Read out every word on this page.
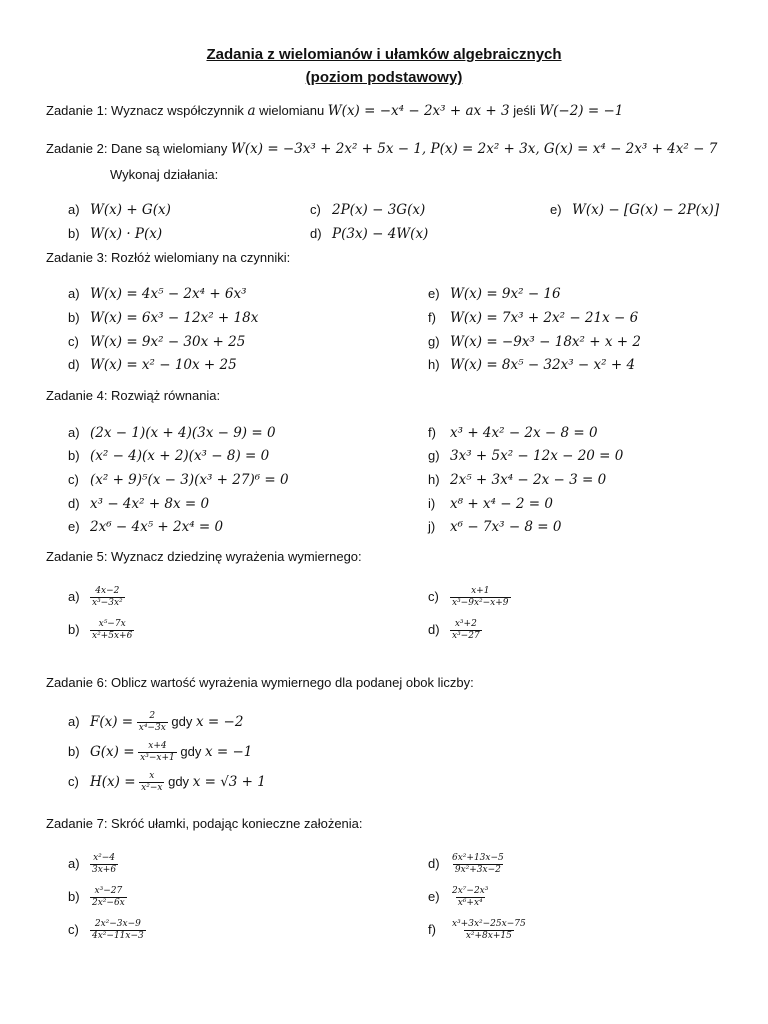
Zadania z wielomianów i ułamków algebraicznych
(poziom podstawowy)
Zadanie 1: Wyznacz współczynnik a wielomianu W(x) = −x⁴ − 2x³ + ax + 3 jeśli W(−2) = −1
Zadanie 2: Dane są wielomiany W(x) = −3x³ + 2x² + 5x − 1, P(x) = 2x² + 3x, G(x) = x⁴ − 2x³ + 4x² − 7
Wykonaj działania:
a) W(x) + G(x)
b) W(x) · P(x)
c) 2P(x) − 3G(x)
d) P(3x) − 4W(x)
e) W(x) − [G(x) − 2P(x)]
Zadanie 3: Rozłóż wielomiany na czynniki:
a) W(x) = 4x⁵ − 2x⁴ + 6x³
b) W(x) = 6x³ − 12x² + 18x
c) W(x) = 9x² − 30x + 25
d) W(x) = x² − 10x + 25
e) W(x) = 9x² − 16
f) W(x) = 7x³ + 2x² − 21x − 6
g) W(x) = −9x³ − 18x² + x + 2
h) W(x) = 8x⁵ − 32x³ − x² + 4
Zadanie 4: Rozwiąż równania:
a) (2x − 1)(x + 4)(3x − 9) = 0
b) (x² − 4)(x + 2)(x³ − 8) = 0
c) (x² + 9)⁵(x − 3)(x³ + 27)⁶ = 0
d) x³ − 4x² + 8x = 0
e) 2x⁶ − 4x⁵ + 2x⁴ = 0
f) x³ + 4x² − 2x − 8 = 0
g) 3x³ + 5x² − 12x − 20 = 0
h) 2x⁵ + 3x⁴ − 2x − 3 = 0
i) x⁸ + x⁴ − 2 = 0
j) x⁶ − 7x³ − 8 = 0
Zadanie 5: Wyznacz dziedzinę wyrażenia wymiernego:
$a) \frac{4x-2}{\text{x³−3x²}}$
$b) \frac{\text{x⁵−7x}}{\text{x²+5x+6}}$
$c) \frac{x+1}{\text{x³−9x²−x+9}}$
$d) \frac{\text{x³+2}}{\text{x³−27}}$
Zadanie 6: Oblicz wartość wyrażenia wymiernego dla podanej obok liczby:
a) $F(x) = \frac{2}{\text{x⁴−3x}}$ gdy x = −2
b) $G(x) = \frac{x+4}{\text{x³−x+1}}$ gdy x = −1
c) $H(x) = \frac{x}{\text{x²−x}}$ gdy x = √3 + 1
Zadanie 7: Skróć ułamki, podając konieczne założenia:
$a) \frac{\text{x²−4}}{3x+6}$
$b) \frac{\text{x³−27}}{\text{2x²−6x}}$
$c) \frac{\text{2x²−3x−9}}{\text{4x²−11x−3}}$
$d) \frac{\text{6x²+13x−5}}{\text{9x²+3x−2}}$
$e) \frac{\text{2x⁷−2x³}}{\text{x⁶+x⁴}}$
$f) \frac{\text{x³+3x²−25x−75}}{\text{x²+8x+15}}$
